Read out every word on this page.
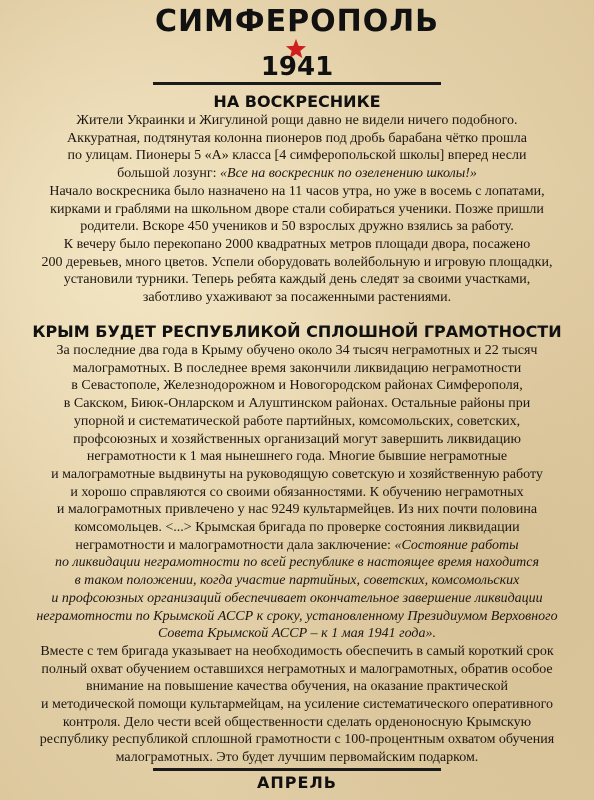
СИМФЕРОПОЛЬ
1941
НА ВОСКРЕСНИКЕ
Жители Украинки и Жигулиной рощи давно не видели ничего подобного.
Аккуратная, подтянутая колонна пионеров под дробь барабана чётко прошла
по улицам. Пионеры 5 «А» класса [4 симферопольской школы] вперед несли
большой лозунг: «Все на воскресник по озеленению школы!»
Начало воскресника было назначено на 11 часов утра, но уже в восемь с лопатами,
кирками и граблями на школьном дворе стали собираться ученики. Позже пришли
родители. Вскоре 450 учеников и 50 взрослых дружно взялись за работу.
К вечеру было перекопано 2000 квадратных метров площади двора, посажено
200 деревьев, много цветов. Успели оборудовать волейбольную и игровую площадки,
установили турники. Теперь ребята каждый день следят за своими участками,
заботливо ухаживают за посаженными растениями.
КРЫМ БУДЕТ РЕСПУБЛИКОЙ СПЛОШНОЙ ГРАМОТНОСТИ
За последние два года в Крыму обучено около 34 тысяч неграмотных и 22 тысяч
малограмотных. В последнее время закончили ликвидацию неграмотности
в Севастополе, Железнодорожном и Новогородском районах Симферополя,
в Сакском, Биюк-Онларском и Алуштинском районах. Остальные районы при
упорной и систематической работе партийных, комсомольских, советских,
профсоюзных и хозяйственных организаций могут завершить ликвидацию
неграмотности к 1 мая нынешнего года. Многие бывшие неграмотные
и малограмотные выдвинуты на руководящую советскую и хозяйственную работу
и хорошо справляются со своими обязанностями. К обучению неграмотных
и малограмотных привлечено у нас 9249 культармейцев. Из них почти половина
комсомольцев. <...> Крымская бригада по проверке состояния ликвидации
неграмотности и малограмотности дала заключение: «Состояние работы
по ликвидации неграмотности по всей республике в настоящее время находится
в таком положении, когда участие партийных, советских, комсомольских
и профсоюзных организаций обеспечивает окончательное завершение ликвидации
неграмотности по Крымской АССР к сроку, установленному Президиумом Верховного
Совета Крымской АССР – к 1 мая 1941 года».
Вместе с тем бригада указывает на необходимость обеспечить в самый короткий срок
полный охват обучением оставшихся неграмотных и малограмотных, обратив особое
внимание на повышение качества обучения, на оказание практической
и методической помощи культармейцам, на усиление систематического оперативного
контроля. Дело чести всей общественности сделать орденоносную Крымскую
республику республикой сплошной грамотности с 100-процентным охватом обучения
малограмотных. Это будет лучшим первомайским подарком.
АПРЕЛЬ
